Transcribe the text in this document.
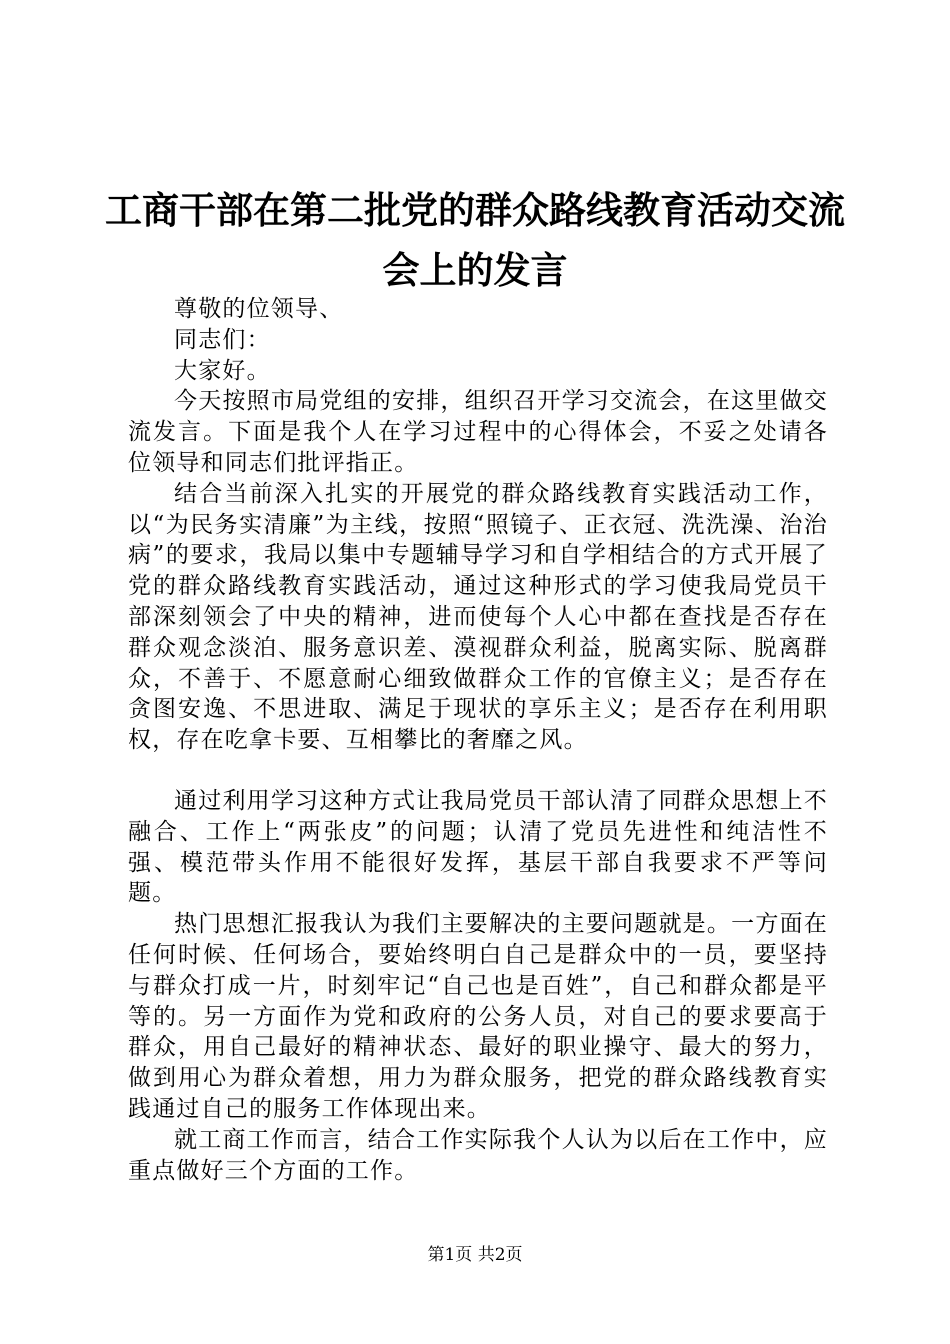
工商干部在第二批党的群众路线教育活动交流
会上的发言

尊敬的位领导、

同志们：

大家好。

今天按照市局党组的安排，组织召开学习交流会，在这里做交流发言。下面是我个人在学习过程中的心得体会，不妥之处请各位领导和同志们批评指正。

结合当前深入扎实的开展党的群众路线教育实践活动工作，以“为民务实清廉”为主线，按照“照镜子、正衣冠、洗洗澡、治治病”的要求，我局以集中专题辅导学习和自学相结合的方式开展了党的群众路线教育实践活动，通过这种形式的学习使我局党员干部深刻领会了中央的精神，进而使每个人心中都在查找是否存在群众观念淡泊、服务意识差、漠视群众利益，脱离实际、脱离群众，不善于、不愿意耐心细致做群众工作的官僚主义；是否存在贪图安逸、不思进取、满足于现状的享乐主义；是否存在利用职权，存在吃拿卡要、互相攀比的奢靡之风。

通过利用学习这种方式让我局党员干部认清了同群众思想上不融合、工作上“两张皮”的问题；认清了党员先进性和纯洁性不强、模范带头作用不能很好发挥，基层干部自我要求不严等问题。

热门思想汇报我认为我们主要解决的主要问题就是。一方面在任何时候、任何场合，要始终明白自己是群众中的一员，要坚持与群众打成一片，时刻牢记“自己也是百姓”，自己和群众都是平等的。另一方面作为党和政府的公务人员，对自己的要求要高于群众，用自己最好的精神状态、最好的职业操守、最大的努力，做到用心为群众着想，用力为群众服务，把党的群众路线教育实践通过自己的服务工作体现出来。

就工商工作而言，结合工作实际我个人认为以后在工作中，应重点做好三个方面的工作。

第1页 共2页
